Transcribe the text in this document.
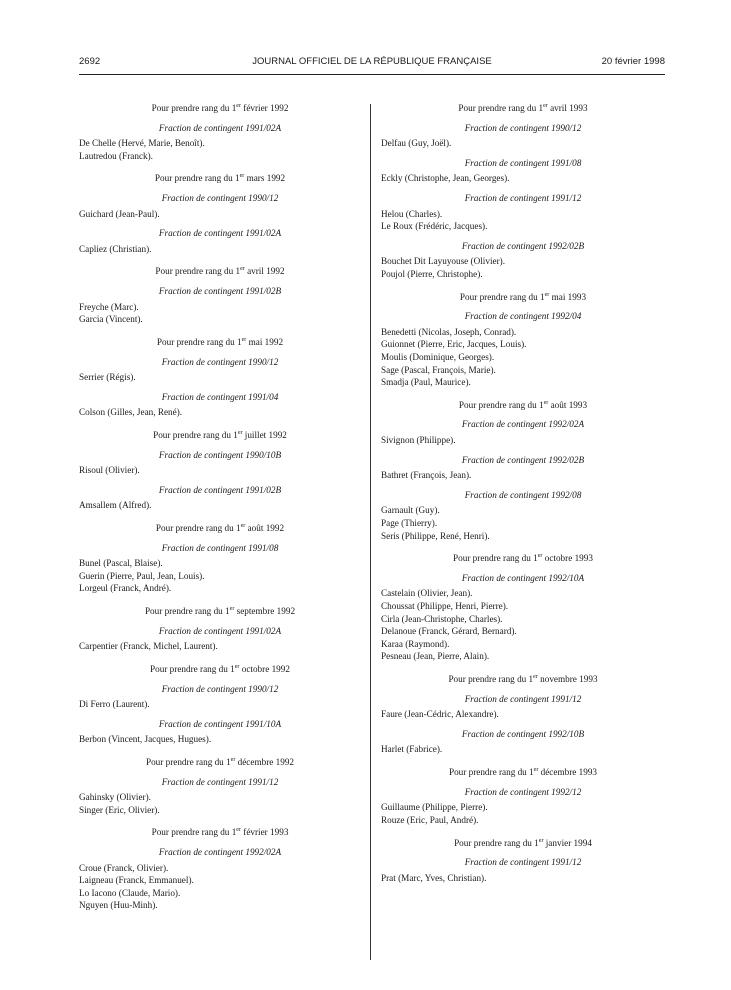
2692	JOURNAL OFFICIEL DE LA RÉPUBLIQUE FRANÇAISE	20 février 1998
Pour prendre rang du 1er février 1992
Fraction de contingent 1991/02A
De Chelle (Hervé, Marie, Benoît).
Lautredou (Franck).
Pour prendre rang du 1er mars 1992
Fraction de contingent 1990/12
Guichard (Jean-Paul).
Fraction de contingent 1991/02A
Capliez (Christian).
Pour prendre rang du 1er avril 1992
Fraction de contingent 1991/02B
Freyche (Marc).
Garcia (Vincent).
Pour prendre rang du 1er mai 1992
Fraction de contingent 1990/12
Serrier (Régis).
Fraction de contingent 1991/04
Colson (Gilles, Jean, René).
Pour prendre rang du 1er juillet 1992
Fraction de contingent 1990/10B
Risoul (Olivier).
Fraction de contingent 1991/02B
Amsallem (Alfred).
Pour prendre rang du 1er août 1992
Fraction de contingent 1991/08
Bunel (Pascal, Blaise).
Guerin (Pierre, Paul, Jean, Louis).
Lorgeul (Franck, André).
Pour prendre rang du 1er septembre 1992
Fraction de contingent 1991/02A
Carpentier (Franck, Michel, Laurent).
Pour prendre rang du 1er octobre 1992
Fraction de contingent 1990/12
Di Ferro (Laurent).
Fraction de contingent 1991/10A
Berbon (Vincent, Jacques, Hugues).
Pour prendre rang du 1er décembre 1992
Fraction de contingent 1991/12
Gahinsky (Olivier).
Singer (Eric, Olivier).
Pour prendre rang du 1er février 1993
Fraction de contingent 1992/02A
Croue (Franck, Olivier).
Laigneau (Franck, Emmanuel).
Lo Iacono (Claude, Mario).
Nguyen (Huu-Minh).
Pour prendre rang du 1er avril 1993
Fraction de contingent 1990/12
Delfau (Guy, Joël).
Fraction de contingent 1991/08
Eckly (Christophe, Jean, Georges).
Fraction de contingent 1991/12
Helou (Charles).
Le Roux (Frédéric, Jacques).
Fraction de contingent 1992/02B
Bouchet Dit Layuyouse (Olivier).
Poujol (Pierre, Christophe).
Pour prendre rang du 1er mai 1993
Fraction de contingent 1992/04
Benedetti (Nicolas, Joseph, Conrad).
Guionnet (Pierre, Eric, Jacques, Louis).
Moulis (Dominique, Georges).
Sage (Pascal, François, Marie).
Smadja (Paul, Maurice).
Pour prendre rang du 1er août 1993
Fraction de contingent 1992/02A
Sivignon (Philippe).
Fraction de contingent 1992/02B
Bathret (François, Jean).
Fraction de contingent 1992/08
Garnault (Guy).
Page (Thierry).
Seris (Philippe, René, Henri).
Pour prendre rang du 1er octobre 1993
Fraction de contingent 1992/10A
Castelain (Olivier, Jean).
Choussat (Philippe, Henri, Pierre).
Cirla (Jean-Christophe, Charles).
Delanoue (Franck, Gérard, Bernard).
Karaa (Raymond).
Pesneau (Jean, Pierre, Alain).
Pour prendre rang du 1er novembre 1993
Fraction de contingent 1991/12
Faure (Jean-Cédric, Alexandre).
Fraction de contingent 1992/10B
Harlet (Fabrice).
Pour prendre rang du 1er décembre 1993
Fraction de contingent 1992/12
Guillaume (Philippe, Pierre).
Rouze (Eric, Paul, André).
Pour prendre rang du 1er janvier 1994
Fraction de contingent 1991/12
Prat (Marc, Yves, Christian).
